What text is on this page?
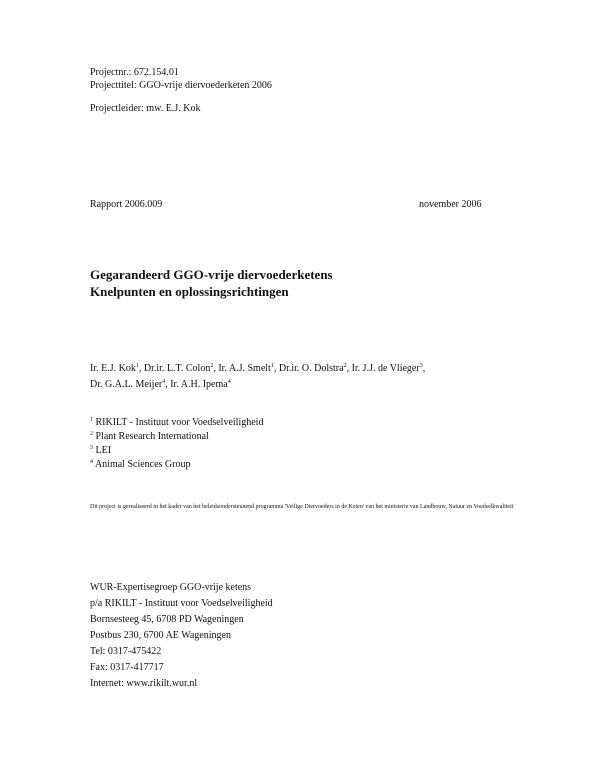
Projectnr.: 672.154.01
Projecttitel: GGO-vrije diervoederketen 2006
Projectleider: mw. E.J. Kok
Rapport 2006.009	november 2006
Gegarandeerd GGO-vrije diervoederketens
Knelpunten en oplossingsrichtingen
Ir. E.J. Kok$^1$, Dr.ir. L.T. Colon$^2$, Ir. A.J. Smelt$^1$, Dr.ir. O. Dolstra$^2$, Ir. J.J. de Vlieger$^3$,
Dr. G.A.L. Meijer$^4$, Ir. A.H. Ipema$^4$
$^1$ RIKILT - Instituut voor Voedselveiligheid
$^2$ Plant Research International
$^3$ LEI
$^4$ Animal Sciences Group
Dit project is gerealiseerd in het kader van het beleidsondersteunend programma 'Veilige Diervoeders in de Keten' van het ministerie van Landbouw, Natuur en Voedselkwaliteit
WUR-Expertisegroep GGO-vrije ketens
p/a RIKILT - Instituut voor Voedselveiligheid
Bornsesteeg 45, 6708 PD Wageningen
Postbus 230, 6700 AE Wageningen
Tel: 0317-475422
Fax: 0317-417717
Internet: www.rikilt.wur.nl
